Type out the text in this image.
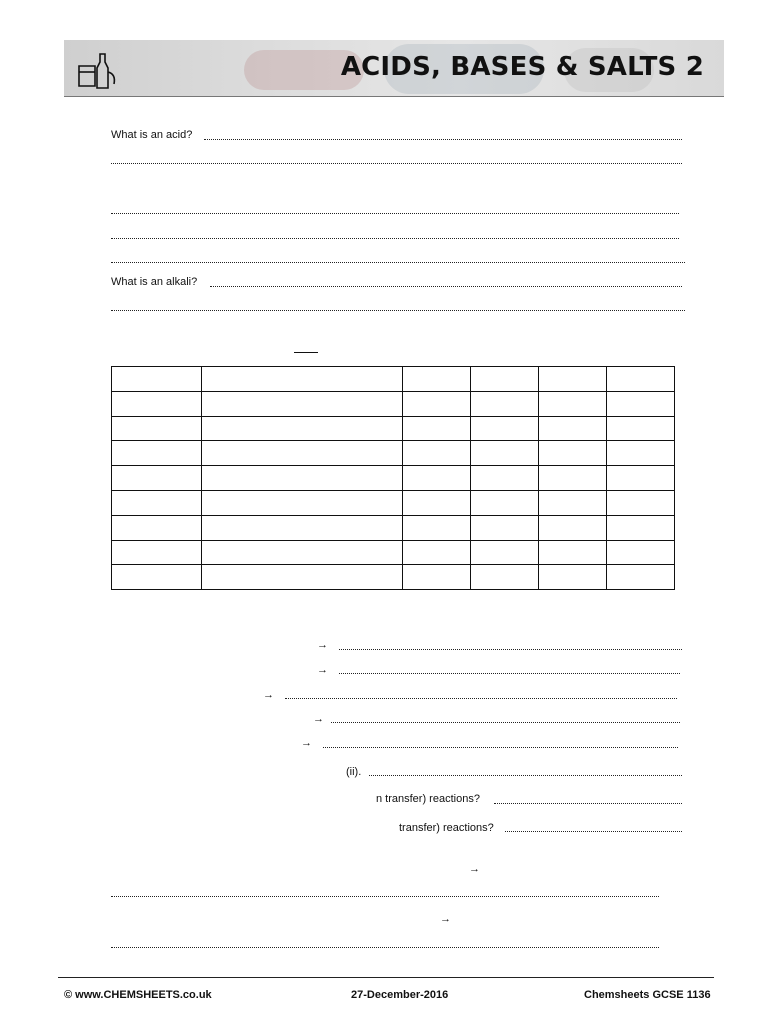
ACIDS, BASES & SALTS 2
What is an acid?
What is an alkali?

→
→
→
→
→
(ii).
n transfer) reactions?
transfer) reactions?
→
→
© www.CHEMSHEETS.co.uk	27-December-2016	Chemsheets GCSE 1136
